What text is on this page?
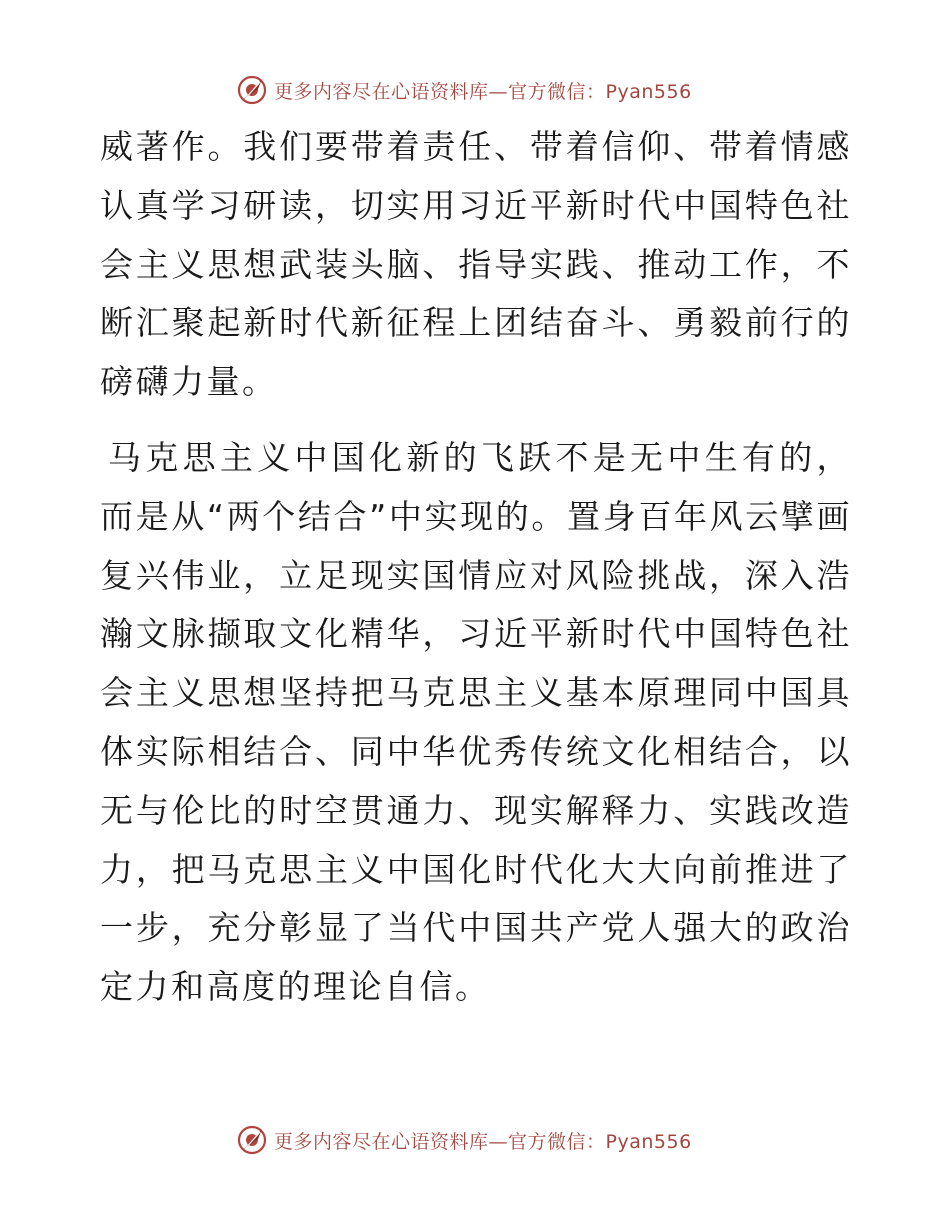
更多内容尽在心语资料库—官方微信：Pyan556

威著作。我们要带着责任、带着信仰、带着情感认真学习研读，切实用习近平新时代中国特色社会主义思想武装头脑、指导实践、推动工作，不断汇聚起新时代新征程上团结奋斗、勇毅前行的磅礴力量。

马克思主义中国化新的飞跃不是无中生有的，而是从“两个结合”中实现的。置身百年风云擘画复兴伟业，立足现实国情应对风险挑战，深入浩瀚文脉撷取文化精华，习近平新时代中国特色社会主义思想坚持把马克思主义基本原理同中国具体实际相结合、同中华优秀传统文化相结合，以无与伦比的时空贯通力、现实解释力、实践改造力，把马克思主义中国化时代化大大向前推进了一步，充分彰显了当代中国共产党人强大的政治定力和高度的理论自信。

更多内容尽在心语资料库—官方微信：Pyan556
